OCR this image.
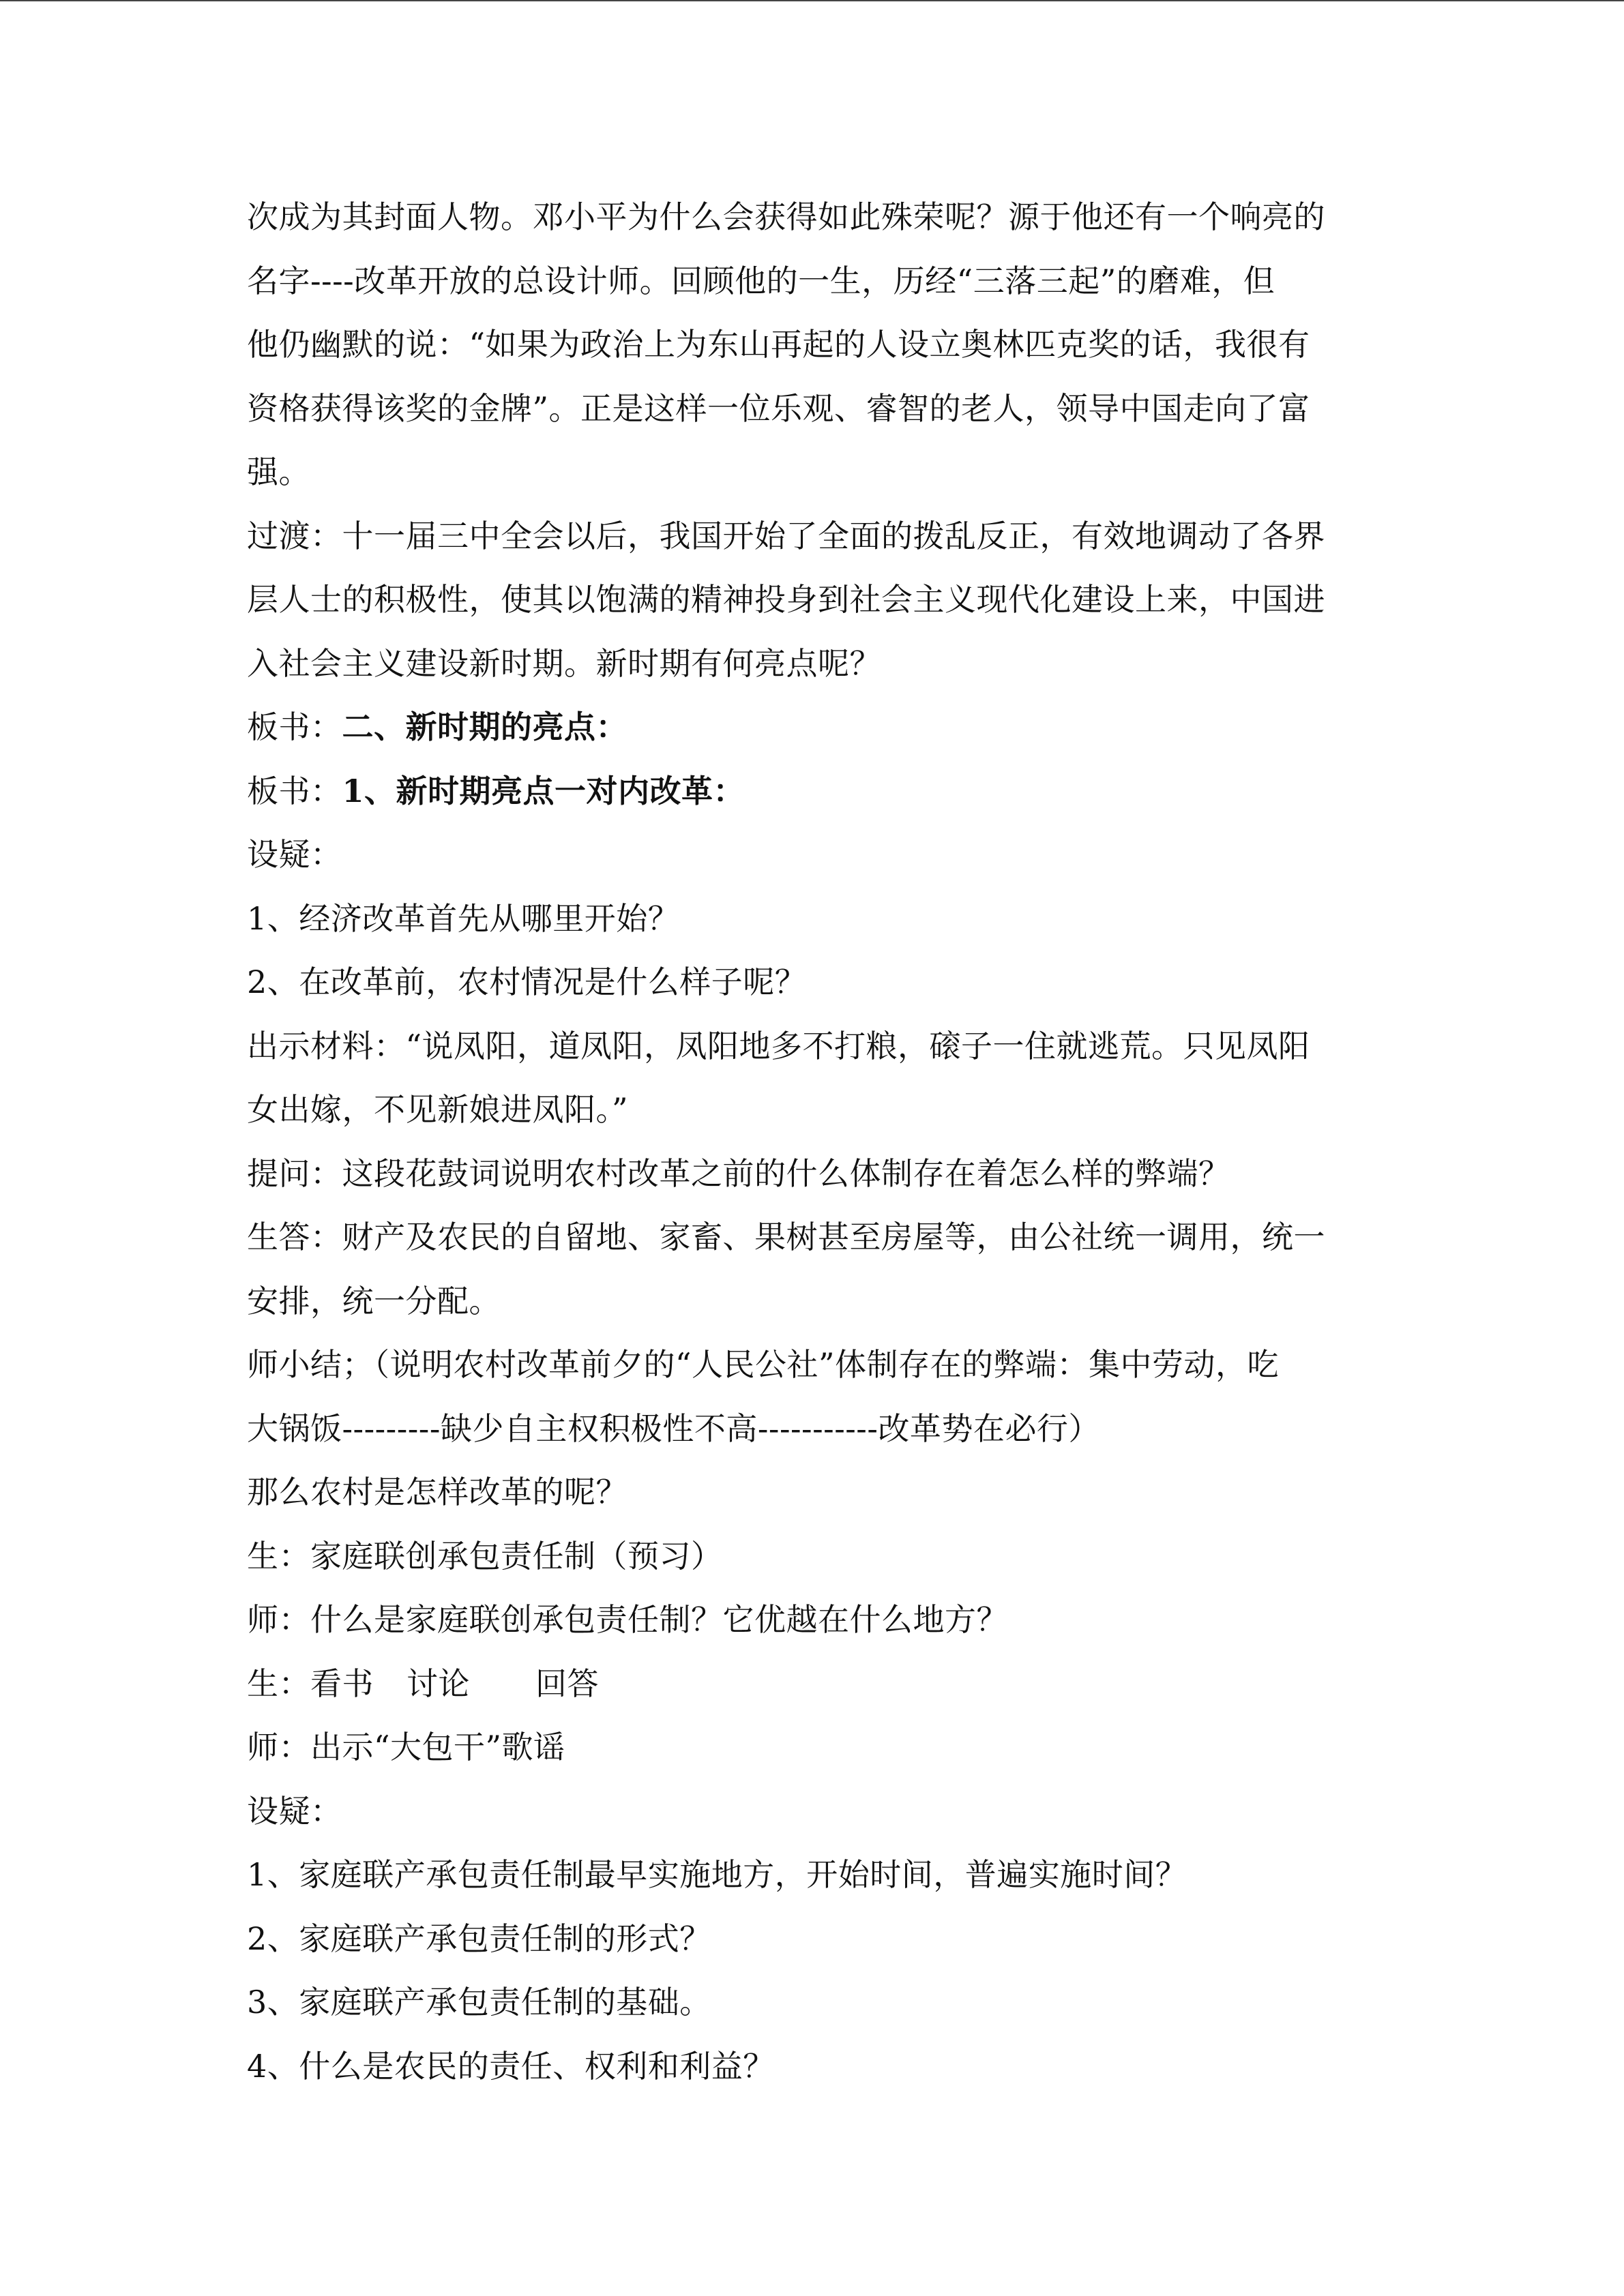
次成为其封面人物。邓小平为什么会获得如此殊荣呢？源于他还有一个响亮的
名字----改革开放的总设计师。回顾他的一生，历经“三落三起”的磨难，但
他仍幽默的说：“如果为政治上为东山再起的人设立奥林匹克奖的话，我很有
资格获得该奖的金牌”。正是这样一位乐观、睿智的老人，领导中国走向了富
强。
过渡：十一届三中全会以后，我国开始了全面的拨乱反正，有效地调动了各界
层人士的积极性，使其以饱满的精神投身到社会主义现代化建设上来，中国进
入社会主义建设新时期。新时期有何亮点呢？
板书：二、新时期的亮点：
板书：1、新时期亮点一对内改革：
设疑：
1、经济改革首先从哪里开始？
2、在改革前，农村情况是什么样子呢？
出示材料：“说凤阳，道凤阳，凤阳地多不打粮，磙子一住就逃荒。只见凤阳
女出嫁，不见新娘进凤阳。”
提问：这段花鼓词说明农村改革之前的什么体制存在着怎么样的弊端？
生答：财产及农民的自留地、家畜、果树甚至房屋等，由公社统一调用，统一
安排，统一分配。
师小结；（说明农村改革前夕的“人民公社”体制存在的弊端：集中劳动，吃
大锅饭---------缺少自主权积极性不高-----------改革势在必行）
那么农村是怎样改革的呢？
生：家庭联创承包责任制（预习）
师：什么是家庭联创承包责任制？它优越在什么地方？
生：看书 讨论 回答
师：出示“大包干”歌谣
设疑：
1、家庭联产承包责任制最早实施地方，开始时间，普遍实施时间？
2、家庭联产承包责任制的形式？
3、家庭联产承包责任制的基础。
4、什么是农民的责任、权利和利益？
